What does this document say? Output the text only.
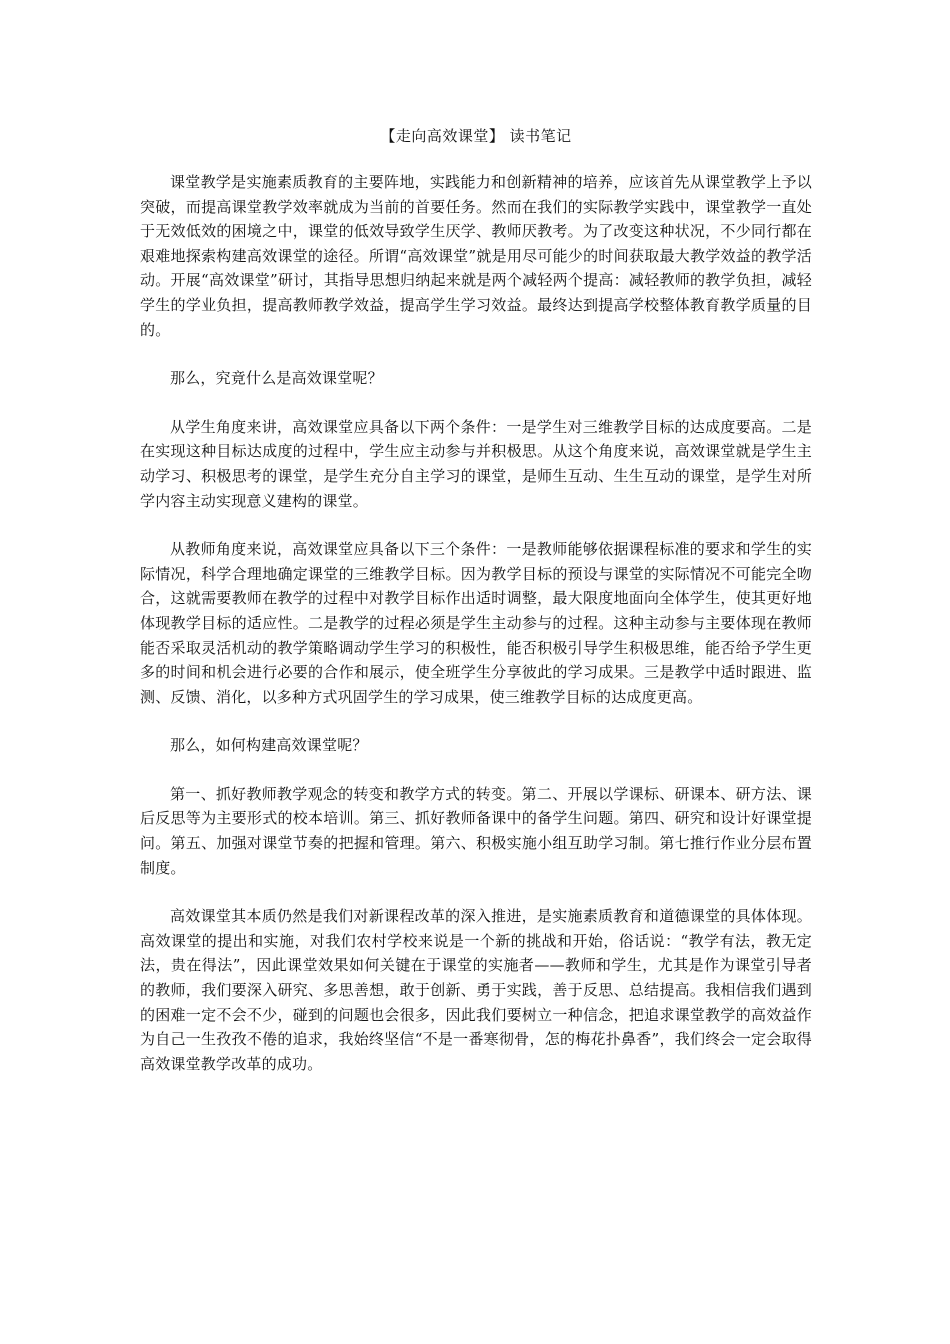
【走向高效课堂】 读书笔记

课堂教学是实施素质教育的主要阵地，实践能力和创新精神的培养，应该首先从课堂教学上予以突破，而提高课堂教学效率就成为当前的首要任务。然而在我们的实际教学实践中，课堂教学一直处于无效低效的困境之中，课堂的低效导致学生厌学、教师厌教考。为了改变这种状况，不少同行都在艰难地探索构建高效课堂的途径。所谓“高效课堂”就是用尽可能少的时间获取最大教学效益的教学活动。开展“高效课堂”研讨，其指导思想归纳起来就是两个减轻两个提高：减轻教师的教学负担，减轻学生的学业负担，提高教师教学效益，提高学生学习效益。最终达到提高学校整体教育教学质量的目的。

那么，究竟什么是高效课堂呢？

从学生角度来讲，高效课堂应具备以下两个条件：一是学生对三维教学目标的达成度要高。二是在实现这种目标达成度的过程中，学生应主动参与并积极思。从这个角度来说，高效课堂就是学生主动学习、积极思考的课堂，是学生充分自主学习的课堂，是师生互动、生生互动的课堂，是学生对所学内容主动实现意义建构的课堂。

从教师角度来说，高效课堂应具备以下三个条件：一是教师能够依据课程标准的要求和学生的实际情况，科学合理地确定课堂的三维教学目标。因为教学目标的预设与课堂的实际情况不可能完全吻合，这就需要教师在教学的过程中对教学目标作出适时调整，最大限度地面向全体学生，使其更好地体现教学目标的适应性。二是教学的过程必须是学生主动参与的过程。这种主动参与主要体现在教师能否采取灵活机动的教学策略调动学生学习的积极性，能否积极引导学生积极思维，能否给予学生更多的时间和机会进行必要的合作和展示，使全班学生分享彼此的学习成果。三是教学中适时跟进、监测、反馈、消化，以多种方式巩固学生的学习成果，使三维教学目标的达成度更高。

那么，如何构建高效课堂呢？

第一、抓好教师教学观念的转变和教学方式的转变。第二、开展以学课标、研课本、研方法、课后反思等为主要形式的校本培训。第三、抓好教师备课中的备学生问题。第四、研究和设计好课堂提问。第五、加强对课堂节奏的把握和管理。第六、积极实施小组互助学习制。第七推行作业分层布置制度。

高效课堂其本质仍然是我们对新课程改革的深入推进，是实施素质教育和道德课堂的具体体现。高效课堂的提出和实施，对我们农村学校来说是一个新的挑战和开始，俗话说：“教学有法，教无定法，贵在得法”，因此课堂效果如何关键在于课堂的实施者——教师和学生，尤其是作为课堂引导者的教师，我们要深入研究、多思善想，敢于创新、勇于实践，善于反思、总结提高。我相信我们遇到的困难一定不会不少，碰到的问题也会很多，因此我们要树立一种信念，把追求课堂教学的高效益作为自己一生孜孜不倦的追求，我始终坚信“不是一番寒彻骨，怎的梅花扑鼻香”，我们终会一定会取得高效课堂教学改革的成功。
